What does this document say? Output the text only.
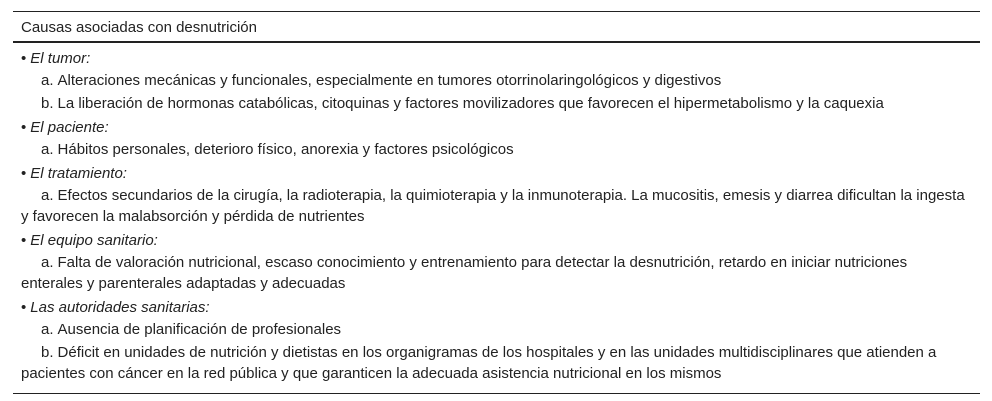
Causas asociadas con desnutrición
• El tumor:
a. Alteraciones mecánicas y funcionales, especialmente en tumores otorrinolaringológicos y digestivos
b. La liberación de hormonas catabólicas, citoquinas y factores movilizadores que favorecen el hipermetabolismo y la caquexia
• El paciente:
a. Hábitos personales, deterioro físico, anorexia y factores psicológicos
• El tratamiento:
a. Efectos secundarios de la cirugía, la radioterapia, la quimioterapia y la inmunoterapia. La mucositis, emesis y diarrea dificultan la ingesta y favorecen la malabsorción y pérdida de nutrientes
• El equipo sanitario:
a. Falta de valoración nutricional, escaso conocimiento y entrenamiento para detectar la desnutrición, retardo en iniciar nutriciones enterales y parenterales adaptadas y adecuadas
• Las autoridades sanitarias:
a. Ausencia de planificación de profesionales
b. Déficit en unidades de nutrición y dietistas en los organigramas de los hospitales y en las unidades multidisciplinares que atienden a pacientes con cáncer en la red pública y que garanticen la adecuada asistencia nutricional en los mismos
